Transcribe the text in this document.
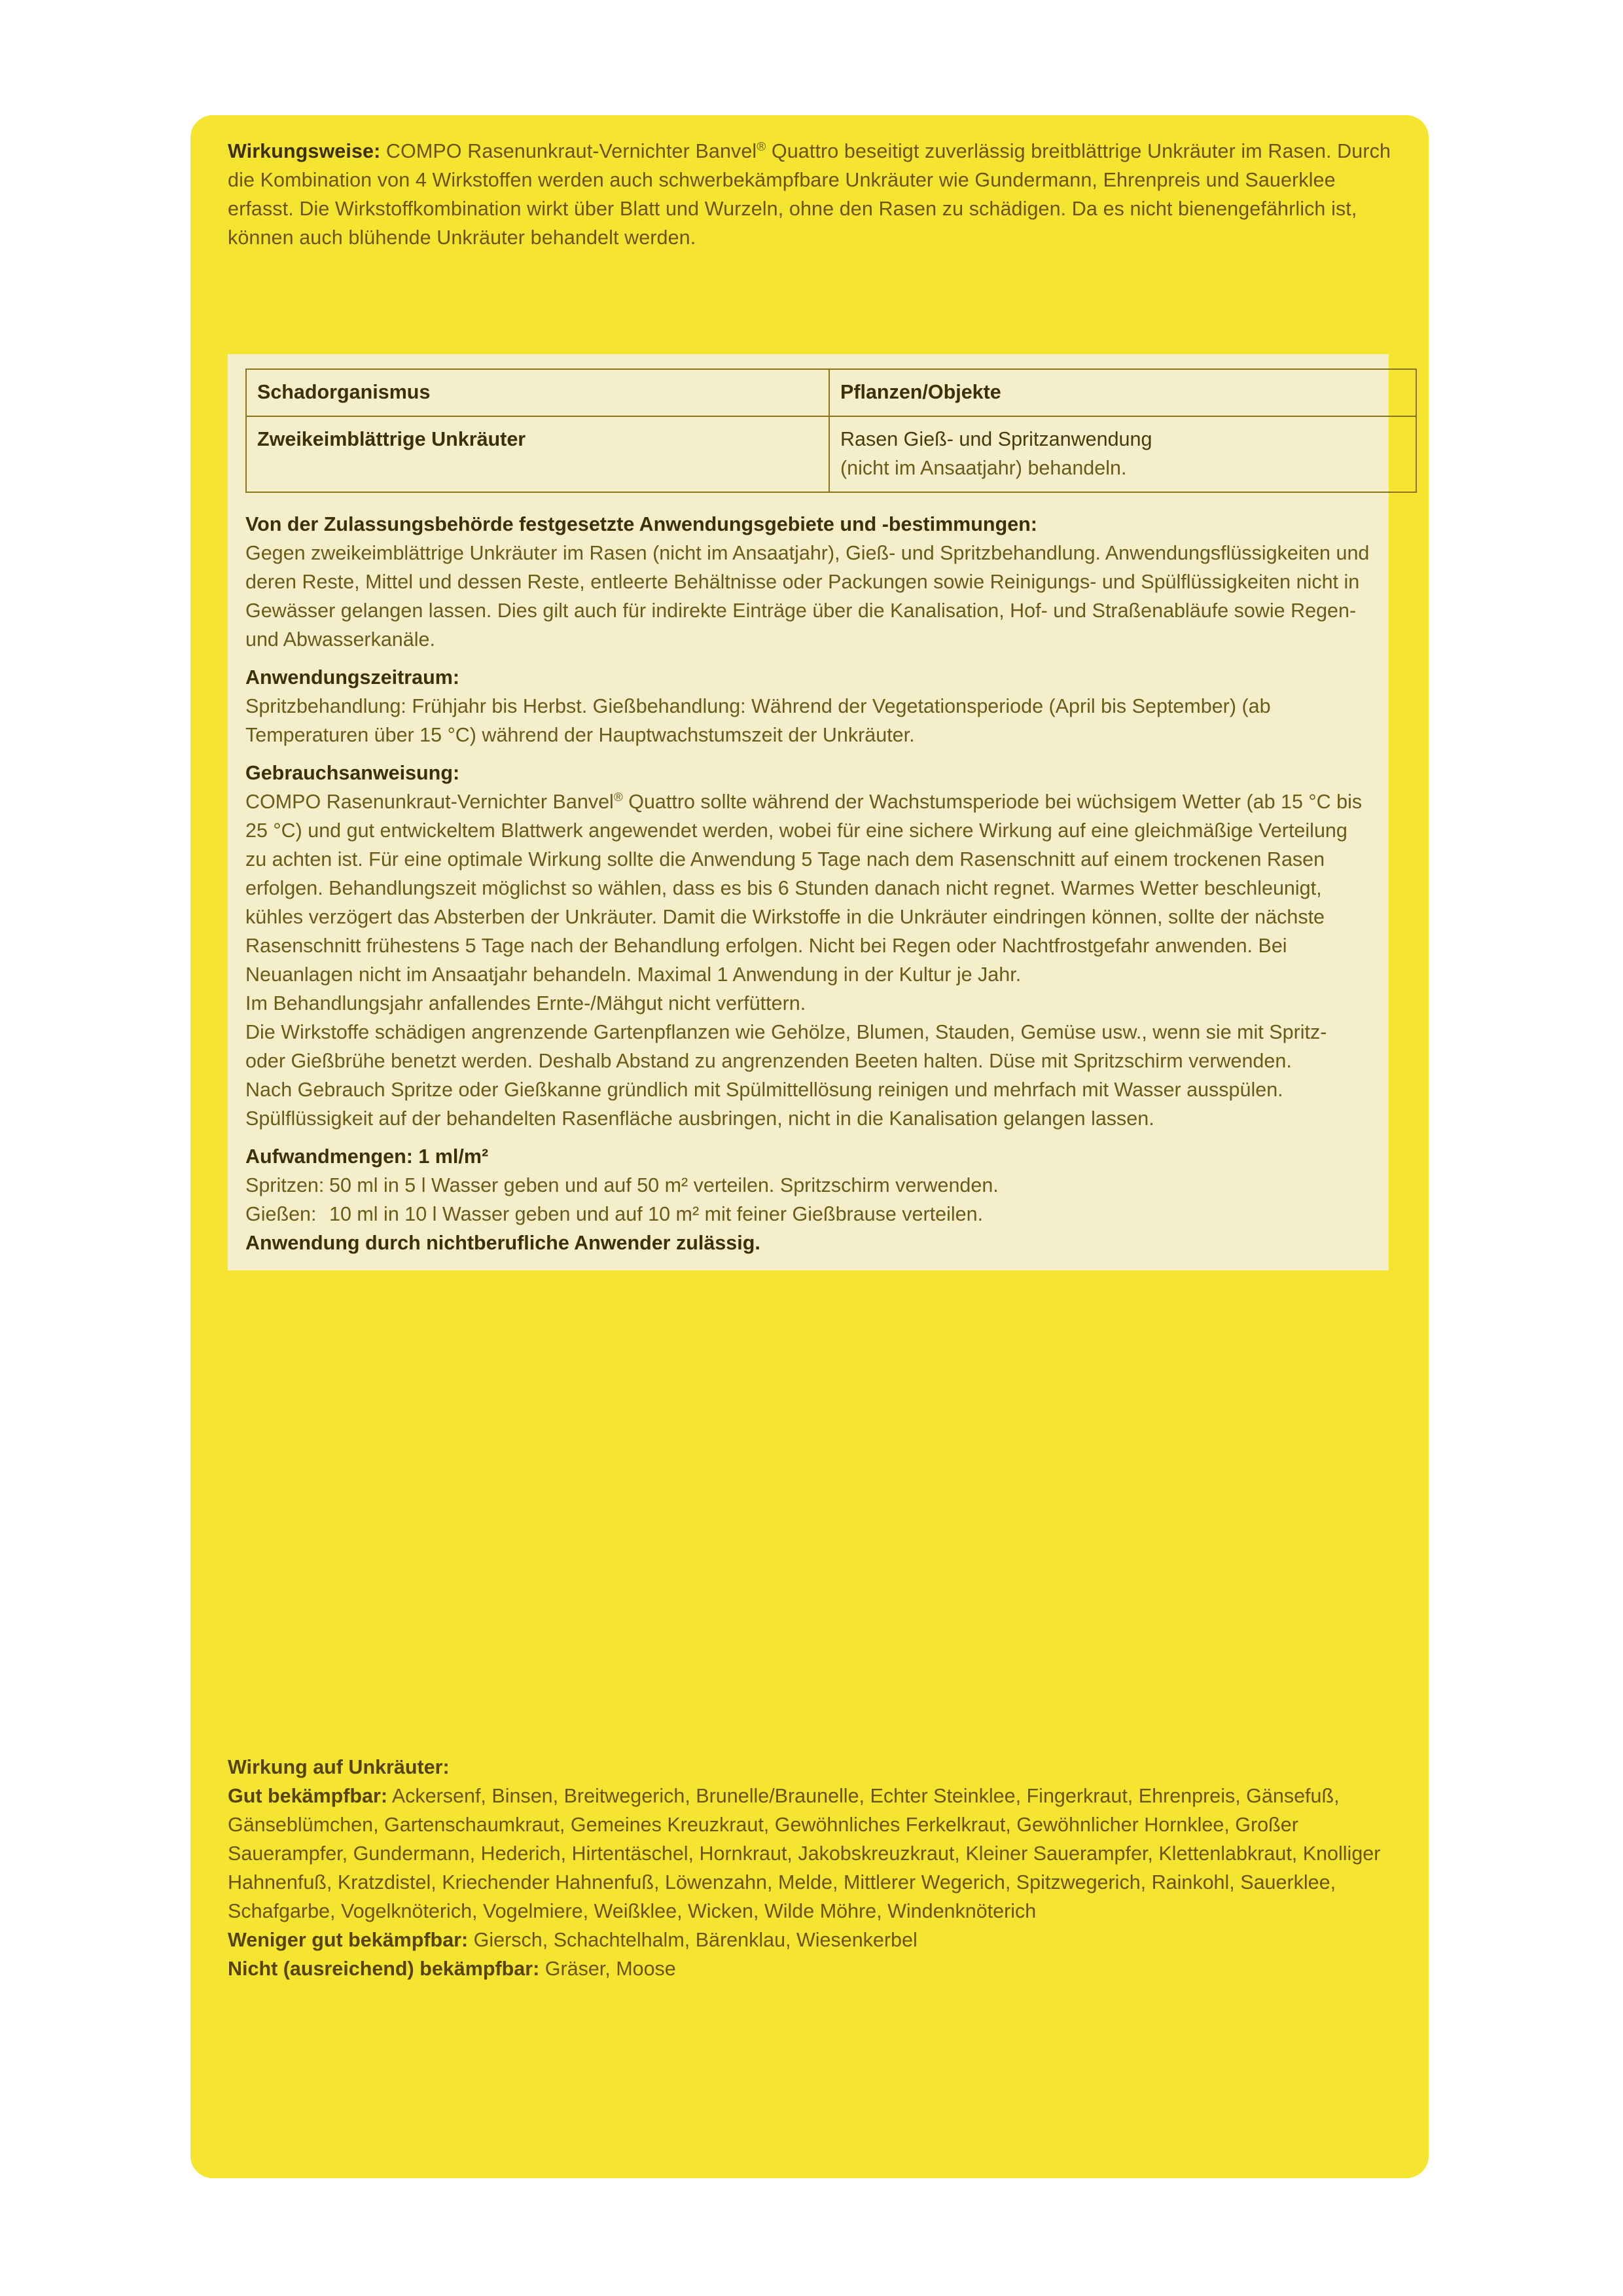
Wirkungsweise: COMPO Rasenunkraut-Vernichter Banvel® Quattro beseitigt zuverlässig breitblättrige Unkräuter im Rasen. Durch die Kombination von 4 Wirkstoffen werden auch schwerbekämpfbare Unkräuter wie Gundermann, Ehrenpreis und Sauerklee erfasst. Die Wirkstoffkombination wirkt über Blatt und Wurzeln, ohne den Rasen zu schädigen. Da es nicht bienengefährlich ist, können auch blühende Unkräuter behandelt werden.
Schadorganismus	Pflanzen/Objekte
Zweikeimblättrige Unkräuter	Rasen Gieß- und Spritzanwendung
(nicht im Ansaatjahr) behandeln.
Von der Zulassungsbehörde festgesetzte Anwendungsgebiete und -bestimmungen:

Gegen zweikeimblättrige Unkräuter im Rasen (nicht im Ansaatjahr), Gieß- und Spritzbehandlung. Anwendungsflüssigkeiten und deren Reste, Mittel und dessen Reste, entleerte Behältnisse oder Packungen sowie Reinigungs- und Spülflüssigkeiten nicht in Gewässer gelangen lassen. Dies gilt auch für indirekte Einträge über die Kanalisation, Hof- und Straßenabläufe sowie Regen- und Abwasserkanäle.

Anwendungszeitraum:

Spritzbehandlung: Frühjahr bis Herbst. Gießbehandlung: Während der Vegetationsperiode (April bis September) (ab Temperaturen über 15 °C) während der Hauptwachstumszeit der Unkräuter.

Gebrauchsanweisung:

COMPO Rasenunkraut-Vernichter Banvel® Quattro sollte während der Wachstumsperiode bei wüchsigem Wetter (ab 15 °C bis 25 °C) und gut entwickeltem Blattwerk angewendet werden, wobei für eine sichere Wirkung auf eine gleichmäßige Verteilung zu achten ist. Für eine optimale Wirkung sollte die Anwendung 5 Tage nach dem Rasenschnitt auf einem trockenen Rasen erfolgen. Behandlungszeit möglichst so wählen, dass es bis 6 Stunden danach nicht regnet. Warmes Wetter beschleunigt, kühles verzögert das Absterben der Unkräuter. Damit die Wirkstoffe in die Unkräuter eindringen können, sollte der nächste Rasenschnitt frühestens 5 Tage nach der Behandlung erfolgen. Nicht bei Regen oder Nachtfrostgefahr anwenden. Bei Neuanlagen nicht im Ansaatjahr behandeln. Maximal 1 Anwendung in der Kultur je Jahr.

Im Behandlungsjahr anfallendes Ernte-/Mähgut nicht verfüttern.

Die Wirkstoffe schädigen angrenzende Gartenpflanzen wie Gehölze, Blumen, Stauden, Gemüse usw., wenn sie mit Spritz- oder Gießbrühe benetzt werden. Deshalb Abstand zu angrenzenden Beeten halten. Düse mit Spritzschirm verwenden.

Nach Gebrauch Spritze oder Gießkanne gründlich mit Spülmittellösung reinigen und mehrfach mit Wasser ausspülen. Spülflüssigkeit auf der behandelten Rasenfläche ausbringen, nicht in die Kanalisation gelangen lassen.

Aufwandmengen: 1 ml/m²
Spritzen: 50 ml in 5 l Wasser geben und auf 50 m² verteilen. Spritzschirm verwenden.
Gießen: 10 ml in 10 l Wasser geben und auf 10 m² mit feiner Gießbrause verteilen.
Anwendung durch nichtberufliche Anwender zulässig.

Wirkung auf Unkräuter:

Gut bekämpfbar: Ackersenf, Binsen, Breitwegerich, Brunelle/Braunelle, Echter Steinklee, Fingerkraut, Ehrenpreis, Gänsefuß, Gänseblümchen, Gartenschaumkraut, Gemeines Kreuzkraut, Gewöhnliches Ferkelkraut, Gewöhnlicher Hornklee, Großer Sauerampfer, Gundermann, Hederich, Hirtentäschel, Hornkraut, Jakobskreuzkraut, Kleiner Sauerampfer, Klettenlabkraut, Knolliger Hahnenfuß, Kratzdistel, Kriechender Hahnenfuß, Löwenzahn, Melde, Mittlerer Wegerich, Spitzwegerich, Rainkohl, Sauerklee, Schafgarbe, Vogelknöterich, Vogelmiere, Weißklee, Wicken, Wilde Möhre, Windenknöterich

Weniger gut bekämpfbar: Giersch, Schachtelhalm, Bärenklau, Wiesenkerbel

Nicht (ausreichend) bekämpfbar: Gräser, Moose
